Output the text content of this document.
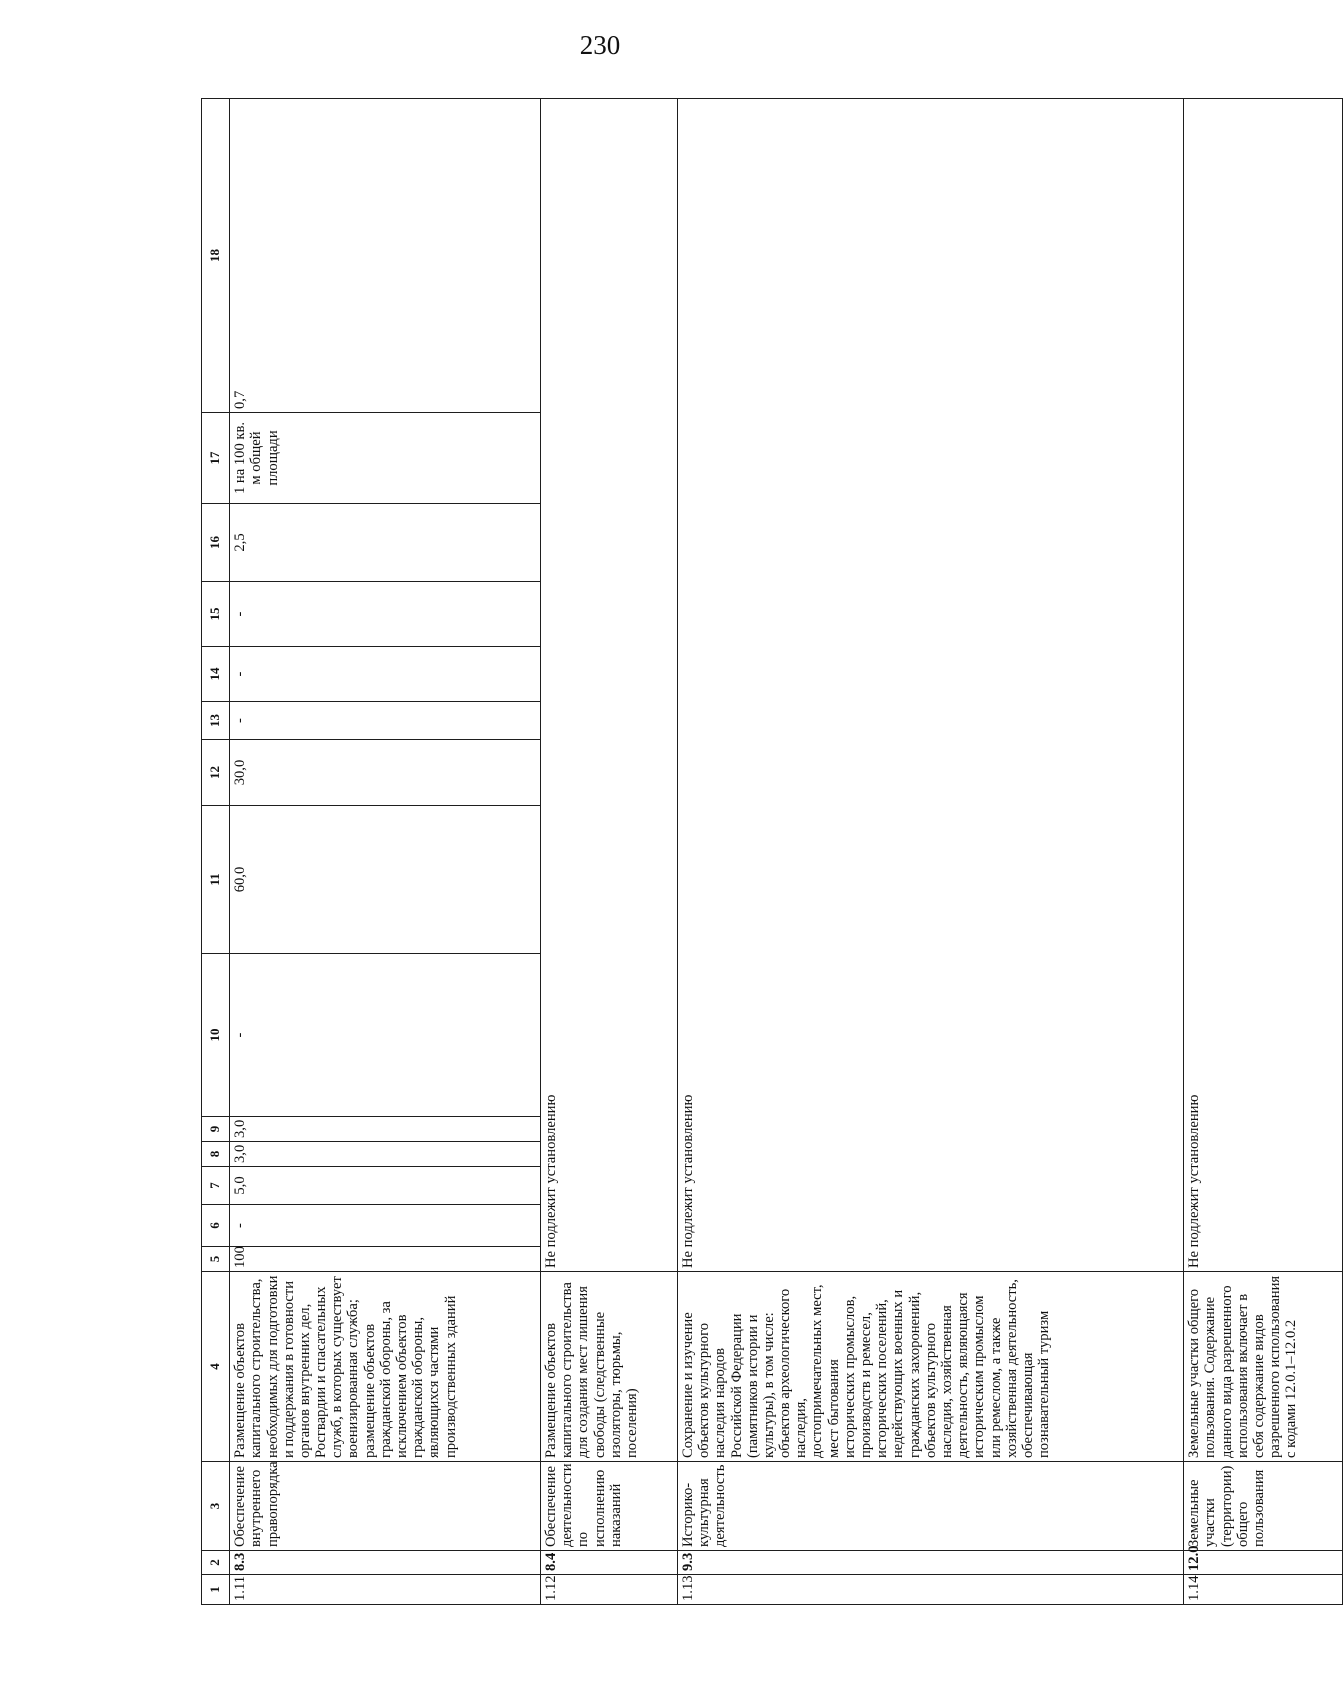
230
1	2	3	4	5	6	7	8	9	10	11	12	13	14	15	16	17	18
1.11	8.3	Обеспечение внутреннего правопорядка	Размещение объектов капитального строительства, необходимых для подготовки и поддержания в готовности органов внутренних дел, Росгвардии и спасательных служб, в которых существует военизированная служба; размещение объектов гражданской обороны, за исключением объектов гражданской обороны, являющихся частями производственных зданий	100	-	5,0	3,0	3,0	-	60,0	30,0	-	-	-	2,5	1 на 100 кв. м общей площади	0,7
1.12	8.4	Обеспечение деятельности по исполнению наказаний	Размещение объектов капитального строительства для создания мест лишения свободы (следственные изоляторы, тюрьмы, поселения)	Не подлежит установлению													
1.13	9.3	Историко-культурная деятельность	Сохранение и изучение объектов культурного наследия народов Российской Федерации (памятников истории и культуры), в том числе: объектов археологического наследия, достопримечательных мест, мест бытования исторических промыслов, производств и ремесел, исторических поселений, недействующих военных и гражданских захоронений, объектов культурного наследия, хозяйственная деятельность, являющаяся историческим промыслом или ремеслом, а также хозяйственная деятельность, обеспечивающая познавательный туризм	Не подлежит установлению													
1.14	12.0	Земельные участки (территории) общего пользования	Земельные участки общего пользования. Содержание данного вида разрешенного использования включает в себя содержание видов разрешенного использования с кодами 12.0.1–12.0.2	Не подлежит установлению													
